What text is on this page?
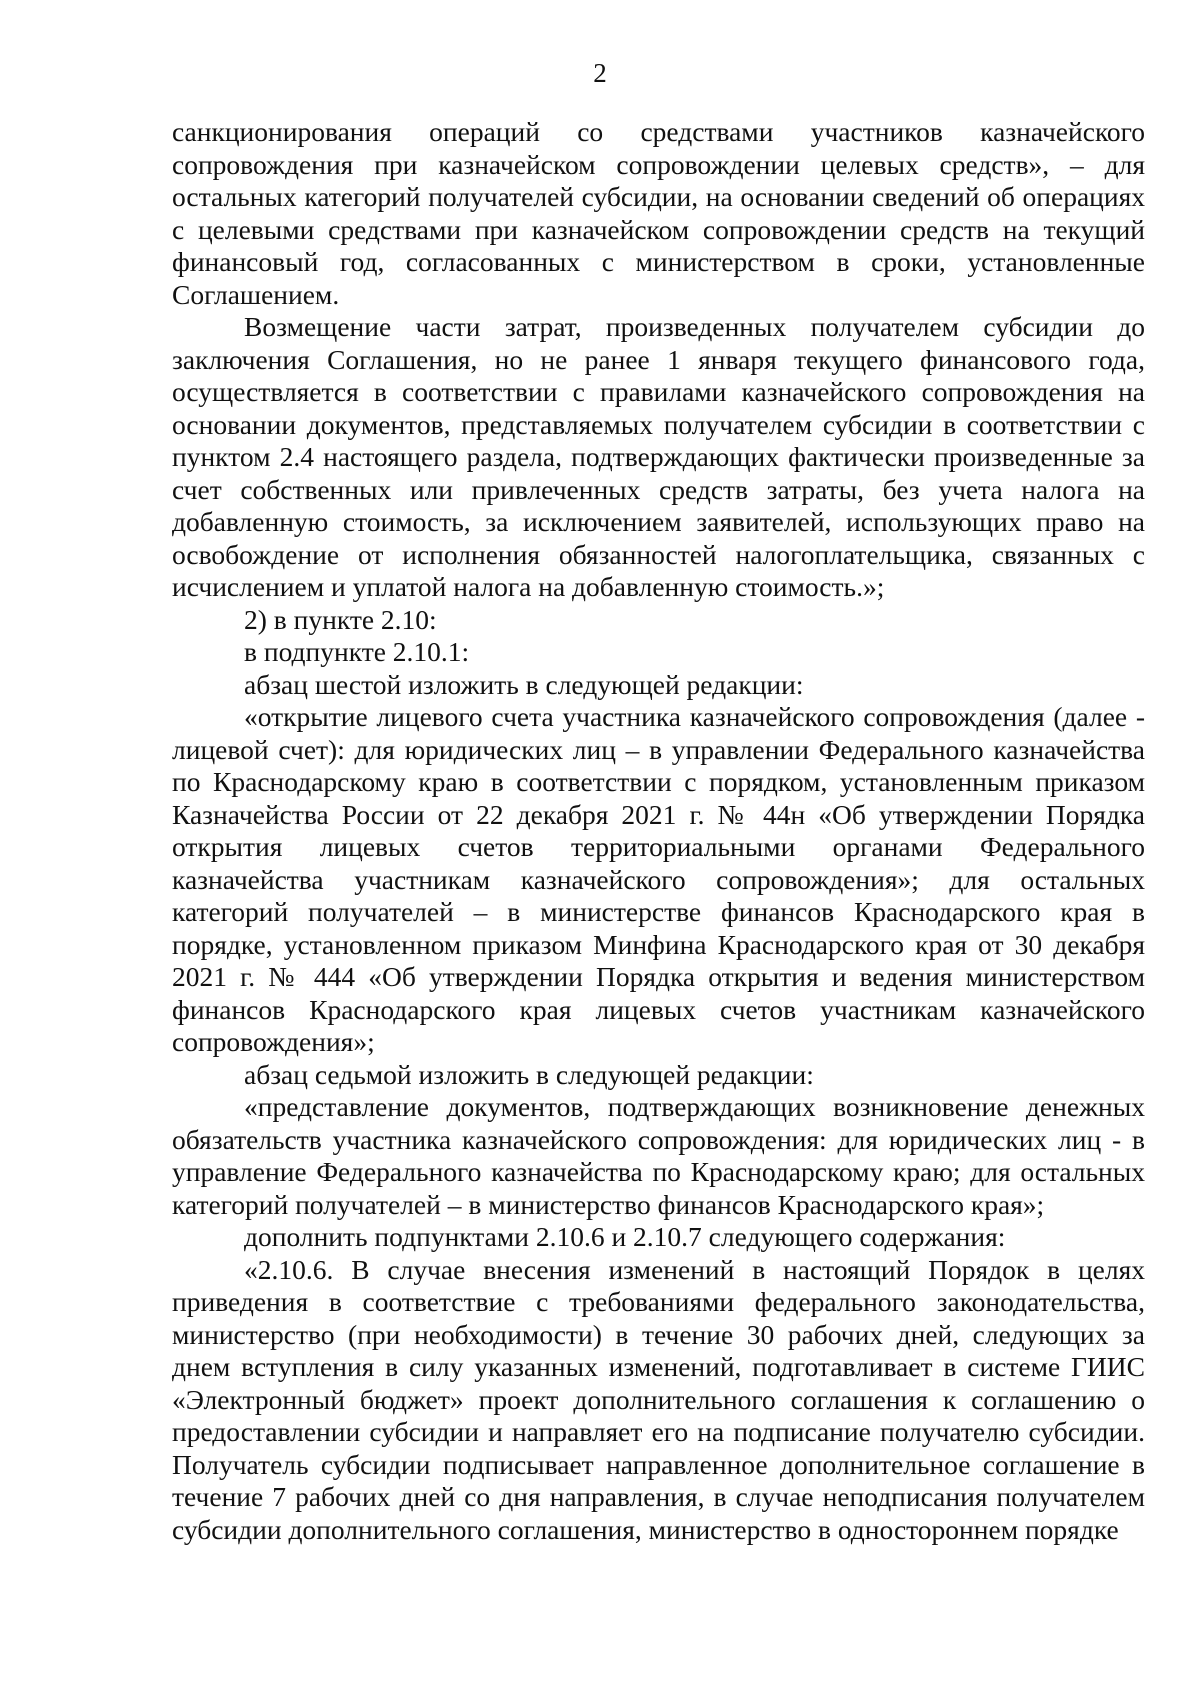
2

санкционирования операций со средствами участников казначейского сопровождения при казначейском сопровождении целевых средств», – для остальных категорий получателей субсидии, на основании сведений об операциях с целевыми средствами при казначейском сопровождении средств на текущий финансовый год, согласованных с министерством в сроки, установленные Соглашением.

Возмещение части затрат, произведенных получателем субсидии до заключения Соглашения, но не ранее 1 января текущего финансового года, осуществляется в соответствии с правилами казначейского сопровождения на основании документов, представляемых получателем субсидии в соответствии с пунктом 2.4 настоящего раздела, подтверждающих фактически произведенные за счет собственных или привлеченных средств затраты, без учета налога на добавленную стоимость, за исключением заявителей, использующих право на освобождение от исполнения обязанностей налогоплательщика, связанных с исчислением и уплатой налога на добавленную стоимость.»;

2) в пункте 2.10:

в подпункте 2.10.1:

абзац шестой изложить в следующей редакции:

«открытие лицевого счета участника казначейского сопровождения (далее - лицевой счет): для юридических лиц – в управлении Федерального казначейства по Краснодарскому краю в соответствии с порядком, установленным приказом Казначейства России от 22 декабря 2021 г. № 44н «Об утверждении Порядка открытия лицевых счетов территориальными органами Федерального казначейства участникам казначейского сопровождения»; для остальных категорий получателей – в министерстве финансов Краснодарского края в порядке, установленном приказом Минфина Краснодарского края от 30 декабря 2021 г. № 444 «Об утверждении Порядка открытия и ведения министерством финансов Краснодарского края лицевых счетов участникам казначейского сопровождения»;

абзац седьмой изложить в следующей редакции:

«представление документов, подтверждающих возникновение денежных обязательств участника казначейского сопровождения: для юридических лиц - в управление Федерального казначейства по Краснодарскому краю; для остальных категорий получателей – в министерство финансов Краснодарского края»;

дополнить подпунктами 2.10.6 и 2.10.7 следующего содержания:

«2.10.6. В случае внесения изменений в настоящий Порядок в целях приведения в соответствие с требованиями федерального законодательства, министерство (при необходимости) в течение 30 рабочих дней, следующих за днем вступления в силу указанных изменений, подготавливает в системе ГИИС «Электронный бюджет» проект дополнительного соглашения к соглашению о предоставлении субсидии и направляет его на подписание получателю субсидии. Получатель субсидии подписывает направленное дополнительное соглашение в течение 7 рабочих дней со дня направления, в случае неподписания получателем субсидии дополнительного соглашения, министерство в одностороннем порядке
